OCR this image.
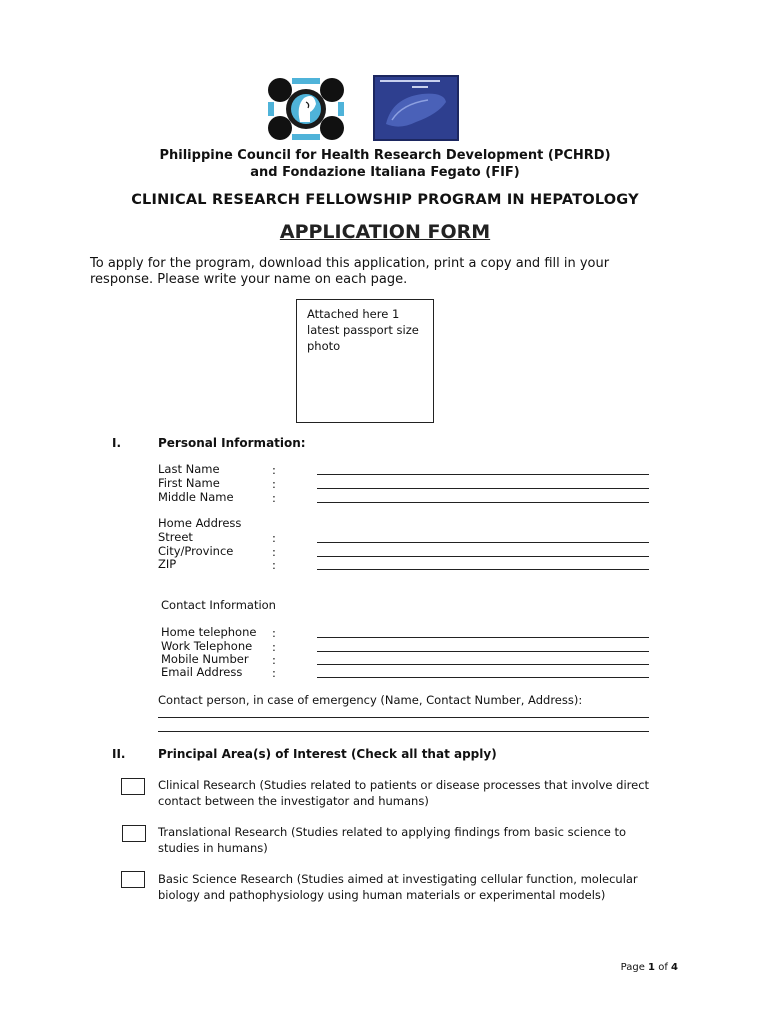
Philippine Council for Health Research Development (PCHRD)
and Fondazione Italiana Fegato (FIF)
CLINICAL RESEARCH FELLOWSHIP PROGRAM IN HEPATOLOGY
APPLICATION FORM
To apply for the program, download this application, print a copy and fill in your response. Please write your name on each page.
Attached here 1
latest passport size
photo
I.	Personal Information:
Last Name	:
First Name	:
Middle Name	:
Home Address
Street	:
City/Province	:
ZIP	:
Contact Information
Home telephone :
Work Telephone :
Mobile Number :
Email Address	:
Contact person, in case of emergency (Name, Contact Number, Address):
II.	Principal Area(s) of Interest (Check all that apply)
Clinical Research (Studies related to patients or disease processes that involve direct
contact between the investigator and humans)
Translational Research (Studies related to applying findings from basic science to
studies in humans)
Basic Science Research (Studies aimed at investigating cellular function, molecular
biology and pathophysiology using human materials or experimental models)
Page 1 of 4
